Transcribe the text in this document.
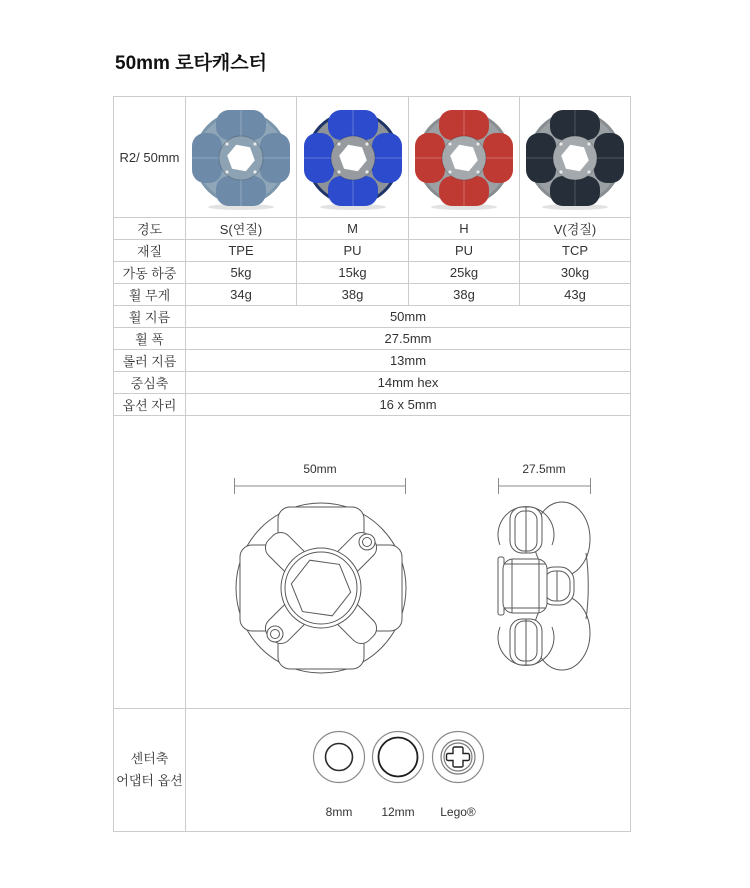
50mm 로타캐스터
R2/ 50mm	

경도	S(연질)	M	H	V(경질)
재질	TPE	PU	PU	TCP
가동 하중	5kg	15kg	25kg	30kg
휠 무게	34g	38g	38g	43g
휠 지름	50mm			
휠 폭	27.5mm			
롤러 지름	13mm			
중심축	14mm hex			
옵션 자리	16 x 5mm			

	50mm 27.5mm			

센터축
어댑터 옵션

8mm	12mm	Lego®
